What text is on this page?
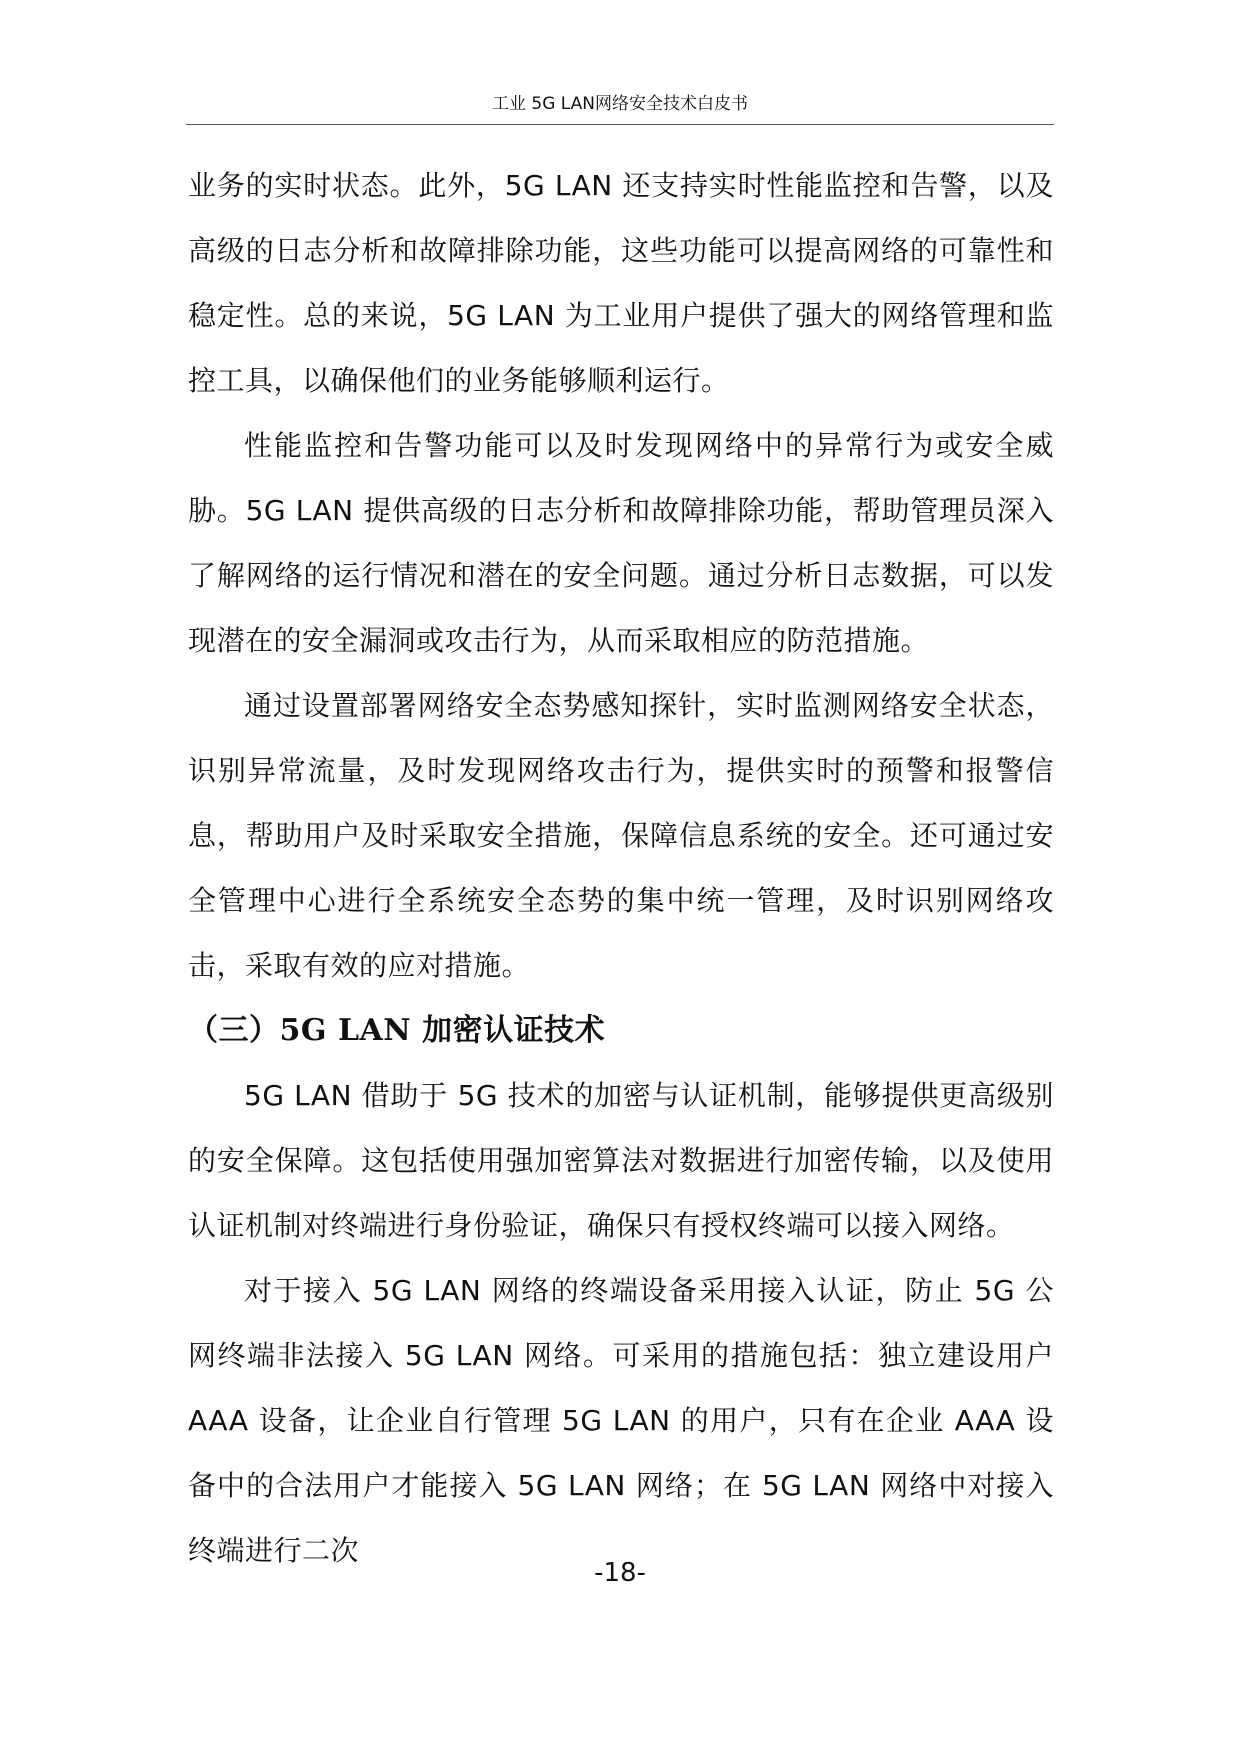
工业 5G LAN网络安全技术白皮书

业务的实时状态。此外，5G LAN 还支持实时性能监控和告警，以及高级的日志分析和故障排除功能，这些功能可以提高网络的可靠性和稳定性。总的来说，5G LAN 为工业用户提供了强大的网络管理和监控工具，以确保他们的业务能够顺利运行。

性能监控和告警功能可以及时发现网络中的异常行为或安全威胁。5G LAN 提供高级的日志分析和故障排除功能，帮助管理员深入了解网络的运行情况和潜在的安全问题。通过分析日志数据，可以发现潜在的安全漏洞或攻击行为，从而采取相应的防范措施。

通过设置部署网络安全态势感知探针，实时监测网络安全状态，识别异常流量，及时发现网络攻击行为，提供实时的预警和报警信息，帮助用户及时采取安全措施，保障信息系统的安全。还可通过安全管理中心进行全系统安全态势的集中统一管理，及时识别网络攻击，采取有效的应对措施。

（三）5G LAN 加密认证技术

5G LAN 借助于 5G 技术的加密与认证机制，能够提供更高级别的安全保障。这包括使用强加密算法对数据进行加密传输，以及使用认证机制对终端进行身份验证，确保只有授权终端可以接入网络。

对于接入 5G LAN 网络的终端设备采用接入认证，防止 5G 公网终端非法接入 5G LAN 网络。可采用的措施包括：独立建设用户 AAA 设备，让企业自行管理 5G LAN 的用户，只有在企业 AAA 设备中的合法用户才能接入 5G LAN 网络；在 5G LAN 网络中对接入终端进行二次

-18-
